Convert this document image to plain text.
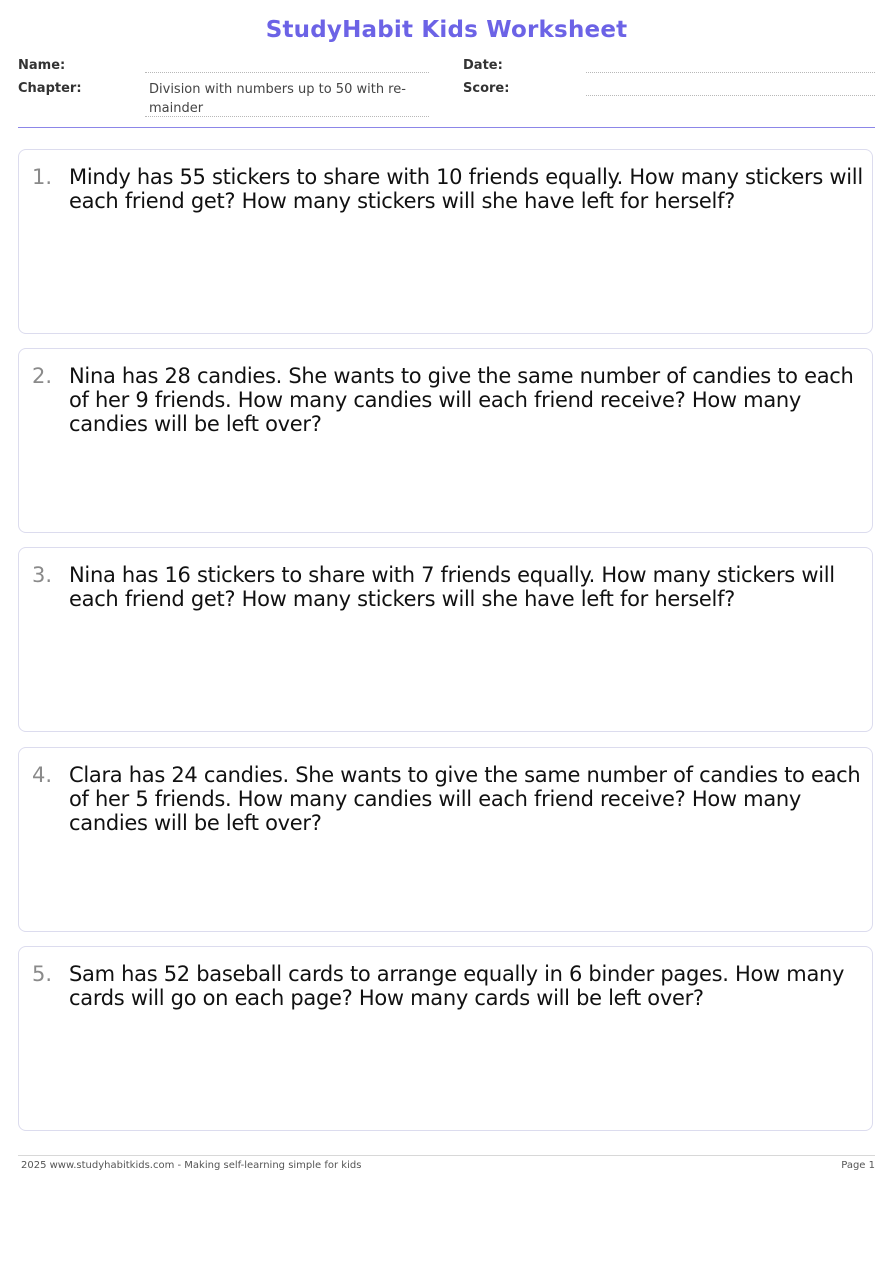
StudyHabit Kids Worksheet
Name:	Date:
Chapter:	Division with numbers up to 50 with re-
mainder
Score:
1. Mindy has 55 stickers to share with 10 friends equally. How many stickers will each friend get? How many stickers will she have left for herself?
2. Nina has 28 candies. She wants to give the same number of candies to each of her 9 friends. How many candies will each friend receive? How many candies will be left over?
3. Nina has 16 stickers to share with 7 friends equally. How many stickers will each friend get? How many stickers will she have left for herself?
4. Clara has 24 candies. She wants to give the same number of candies to each of her 5 friends. How many candies will each friend receive? How many candies will be left over?
5. Sam has 52 baseball cards to arrange equally in 6 binder pages. How many cards will go on each page? How many cards will be left over?
2025 www.studyhabitkids.com - Making self-learning simple for kids	Page 1
